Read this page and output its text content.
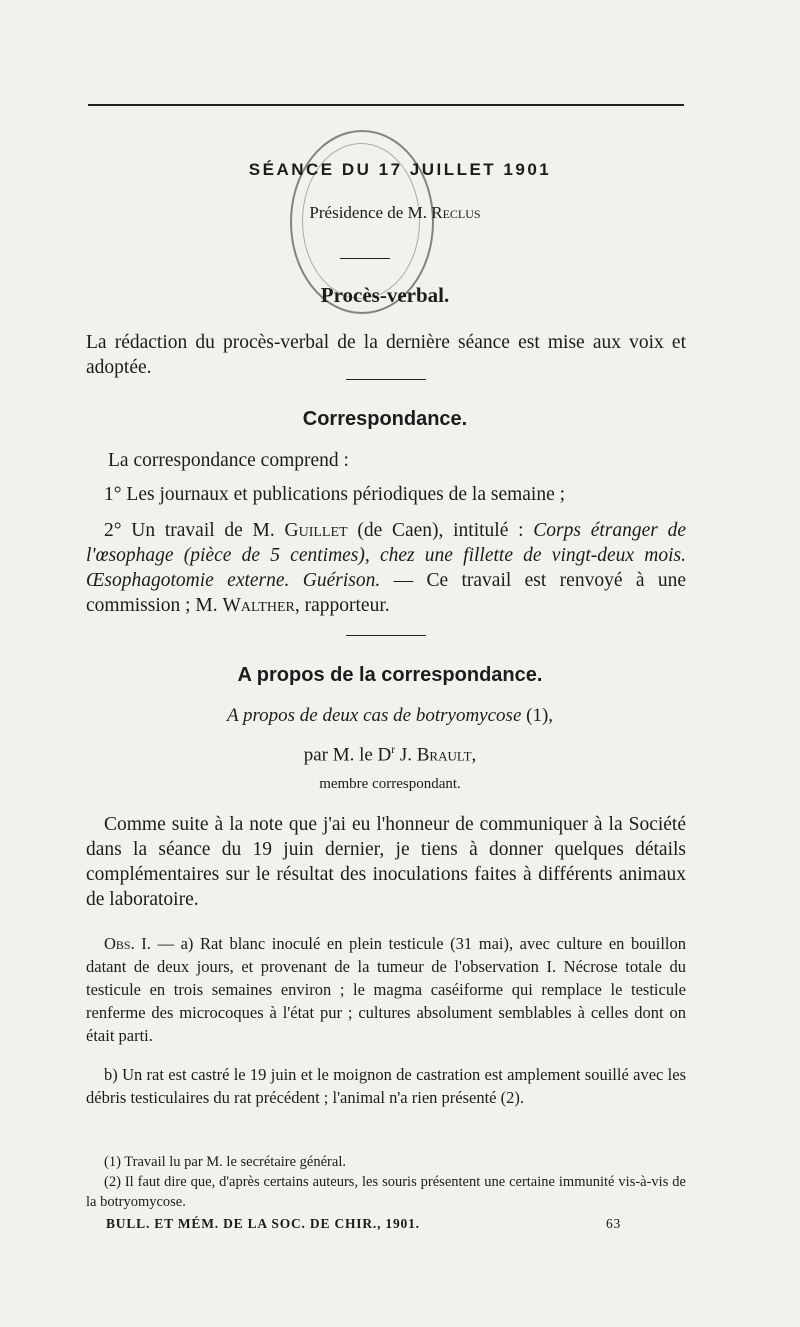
SÉANCE DU 17 JUILLET 1901
Présidence de M. Reclus
Procès-verbal.
La rédaction du procès-verbal de la dernière séance est mise aux voix et adoptée.
Correspondance.
La correspondance comprend :
1° Les journaux et publications périodiques de la semaine ;
2° Un travail de M. Guillet (de Caen), intitulé : Corps étranger de l'œsophage (pièce de 5 centimes), chez une fillette de vingt-deux mois. Œsophagotomie externe. Guérison. — Ce travail est renvoyé à une commission ; M. Walther, rapporteur.
A propos de la correspondance.
A propos de deux cas de botryomycose (1),
par M. le $D^r$ J. Brault,
membre correspondant.
Comme suite à la note que j'ai eu l'honneur de communiquer à la Société dans la séance du 19 juin dernier, je tiens à donner quelques détails complémentaires sur le résultat des inoculations faites à différents animaux de laboratoire.
Obs. I. — a) Rat blanc inoculé en plein testicule (31 mai), avec culture en bouillon datant de deux jours, et provenant de la tumeur de l'observation I. Nécrose totale du testicule en trois semaines environ ; le magma caséiforme qui remplace le testicule renferme des microcoques à l'état pur ; cultures absolument semblables à celles dont on était parti.
b) Un rat est castré le 19 juin et le moignon de castration est amplement souillé avec les débris testiculaires du rat précédent ; l'animal n'a rien présenté (2).
(1) Travail lu par M. le secrétaire général.
(2) Il faut dire que, d'après certains auteurs, les souris présentent une certaine immunité vis-à-vis de la botryomycose.
BULL. ET MÉM. DE LA SOC. DE CHIR., 1901.	63
